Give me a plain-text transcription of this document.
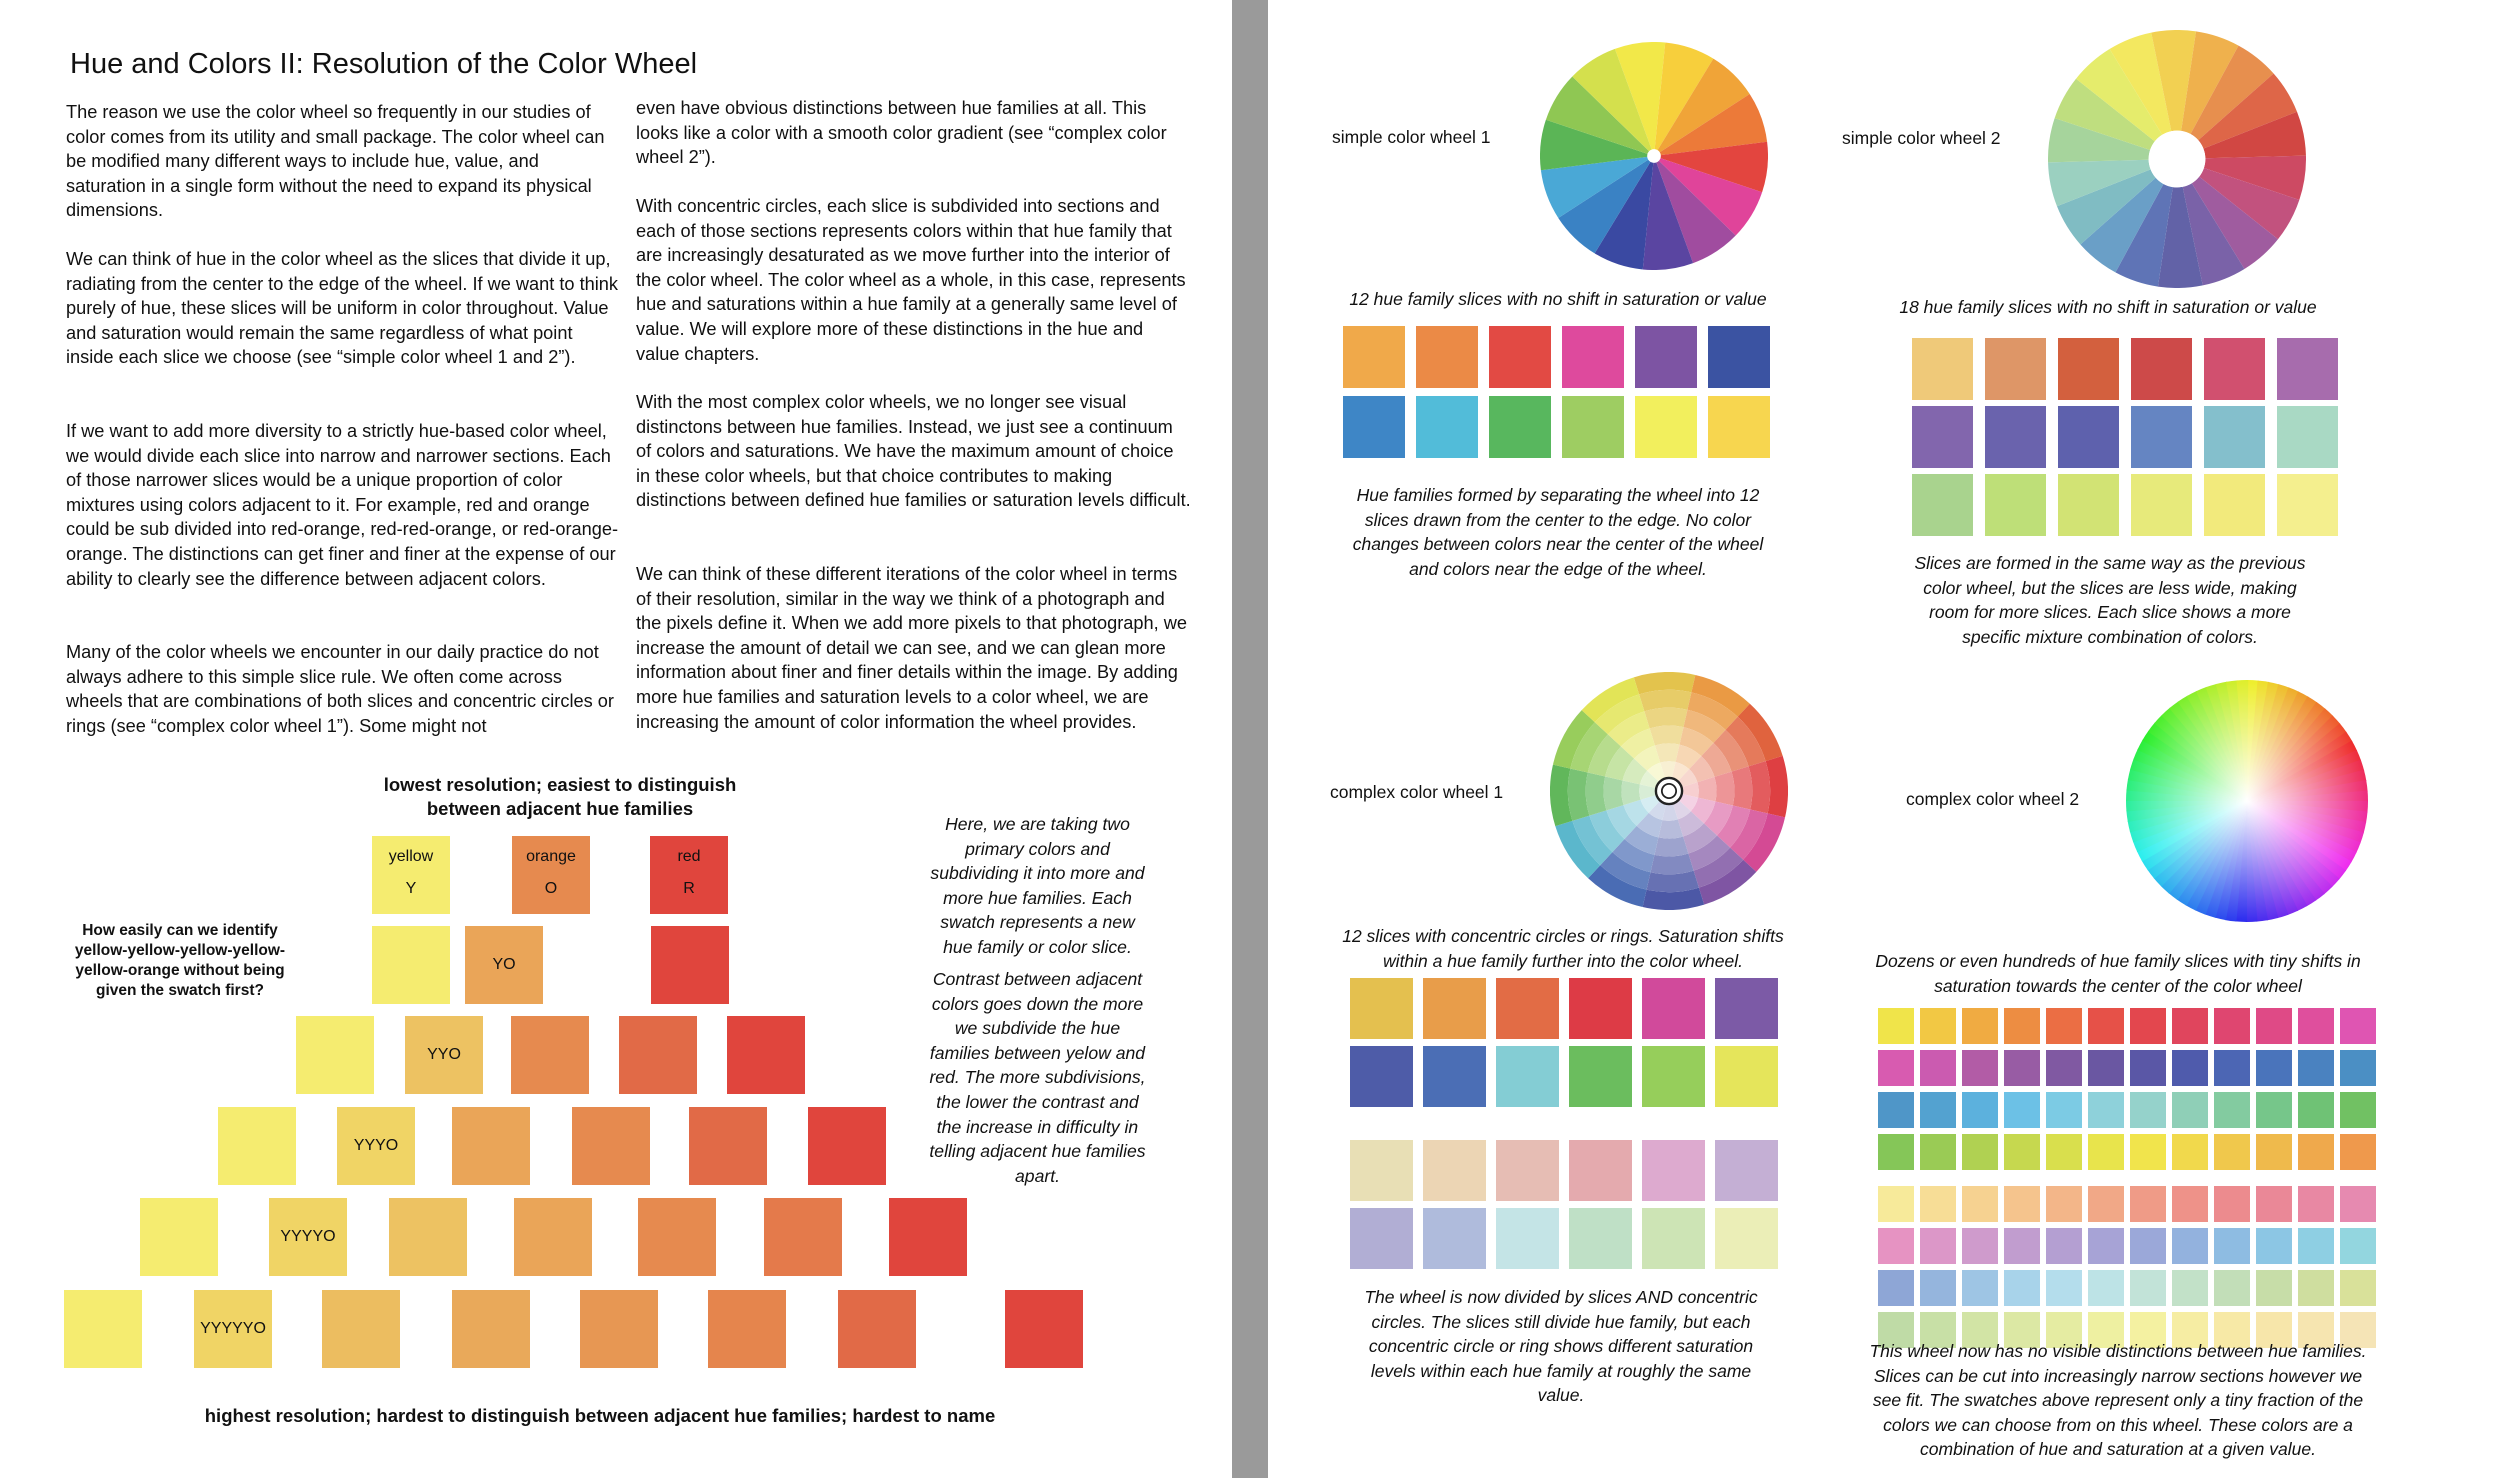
Hue and Colors II: Resolution of the Color Wheel

The reason we use the color wheel so frequently in our studies of color comes from its utility and small package. The color wheel can be modified many different ways to include hue, value, and saturation in a single form without the need to expand its physical dimensions.

We can think of hue in the color wheel as the slices that divide it up, radiating from the center to the edge of the wheel. If we want to think purely of hue, these slices will be uniform in color throughout. Value and saturation would remain the same regardless of what point inside each slice we choose (see “simple color wheel 1 and 2”).

If we want to add more diversity to a strictly hue-based color wheel, we would divide each slice into narrow and narrower sections. Each of those narrower slices would be a unique proportion of color mixtures using colors adjacent to it. For example, red and orange could be sub divided into red-orange, red-red-orange, or red-orange-orange. The distinctions can get finer and finer at the expense of our ability to clearly see the difference between adjacent colors.

Many of the color wheels we encounter in our daily practice do not always adhere to this simple slice rule. We often come across wheels that are combinations of both slices and concentric circles or rings (see “complex color wheel 1”). Some might not

even have obvious distinctions between hue families at all. This looks like a color with a smooth color gradient (see “complex color wheel 2”).

With concentric circles, each slice is subdivided into sections and each of those sections represents colors within that hue family that are increasingly desaturated as we move further into the interior of the color wheel. The color wheel as a whole, in this case, represents hue and saturations within a hue family at a generally same level of value. We will explore more of these distinctions in the hue and value chapters.

With the most complex color wheels, we no longer see visual distinctons between hue families. Instead, we just see a continuum of colors and saturations. We have the maximum amount of choice in these color wheels, but that choice contributes to making distinctions between defined hue families or saturation levels difficult.

We can think of these different iterations of the color wheel in terms of their resolution, similar in the way we think of a photograph and the pixels define it. When we add more pixels to that photograph, we increase the amount of detail we can see, and we can glean more information about finer and finer details within the image. By adding more hue families and saturation levels to a color wheel, we are increasing the amount of color information the wheel provides.

lowest resolution; easiest to distinguish between adjacent hue families
How easily can we identify yellow-yellow-yellow-yellow-yellow-orange without being given the swatch first?
Here, we are taking two primary colors and subdividing it into more and more hue families. Each swatch represents a new hue family or color slice.
Contrast between adjacent colors goes down the more we subdivide the hue families between yelow and red. The more subdivisions, the lower the contrast and the increase in difficulty in telling adjacent hue families apart.
highest resolution; hardest to distinguish between adjacent hue families; hardest to name
yellow
Y
orange
O
red
R
YO
YYO
YYYO
YYYYO
YYYYYO
simple color wheel 1
12 hue family slices with no shift in saturation or value
Hue families formed by separating the wheel into 12 slices drawn from the center to the edge. No color changes between colors near the center of the wheel and colors near the edge of the wheel.
simple color wheel 2
18 hue family slices with no shift in saturation or value
Slices are formed in the same way as the previous color wheel, but the slices are less wide, making room for more slices. Each slice shows a more specific mixture combination of colors.
complex color wheel 1
12 slices with concentric circles or rings. Saturation shifts within a hue family further into the color wheel.
The wheel is now divided by slices AND concentric circles. The slices still divide hue family, but each concentric circle or ring shows different saturation levels within each hue family at roughly the same value.
complex color wheel 2
Dozens or even hundreds of hue family slices with tiny shifts in saturation towards the center of the color wheel
This wheel now has no visible distinctions between hue families. Slices can be cut into increasingly narrow sections however we see fit. The swatches above represent only a tiny fraction of the colors we can choose from on this wheel. These colors are a combination of hue and saturation at a given value.
